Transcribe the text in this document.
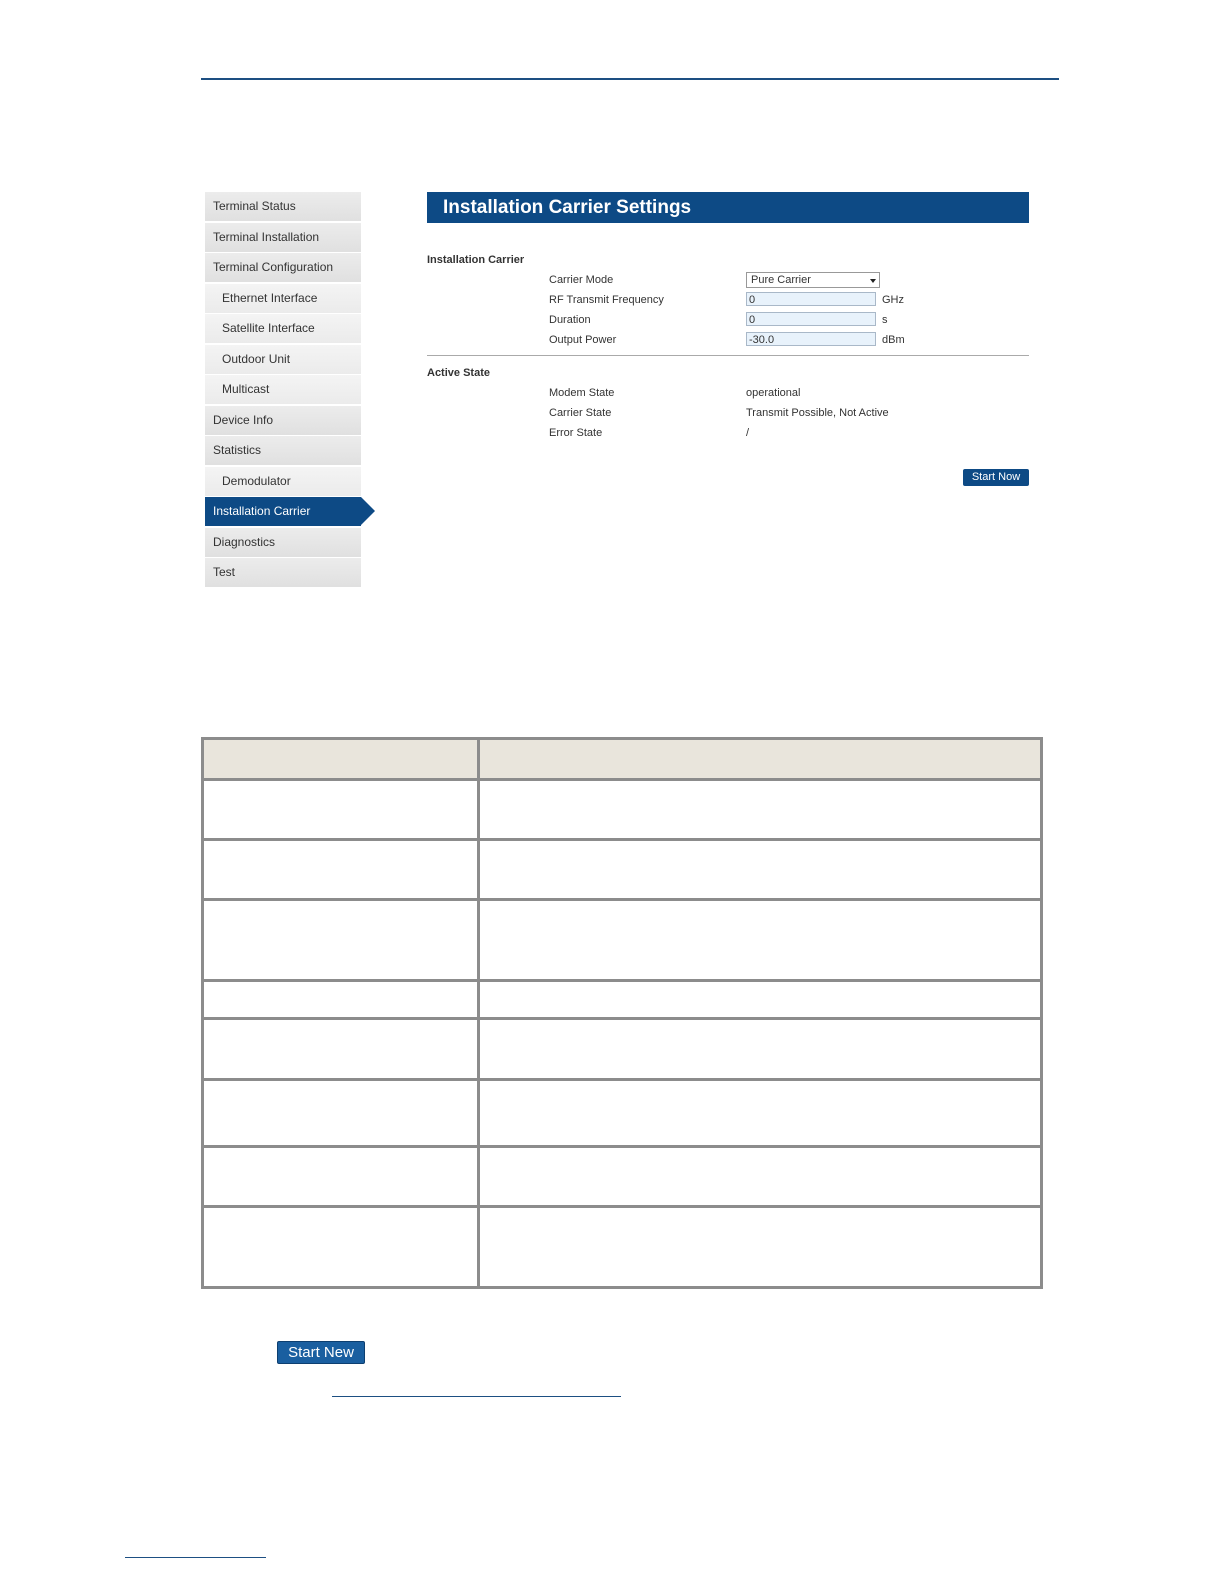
Terminal Status
Terminal Installation
Terminal Configuration
Ethernet Interface
Satellite Interface
Outdoor Unit
Multicast
Device Info
Statistics
Demodulator
Installation Carrier
Diagnostics
Test
Installation Carrier Settings
Installation Carrier
Carrier Mode	Pure Carrier
RF Transmit Frequency	0	GHz
Duration	0	s
Output Power	-30.0	dBm
Active State
Modem State	operational
Carrier State	Transmit Possible, Not Active
Error State	/
Start Now
Start New
